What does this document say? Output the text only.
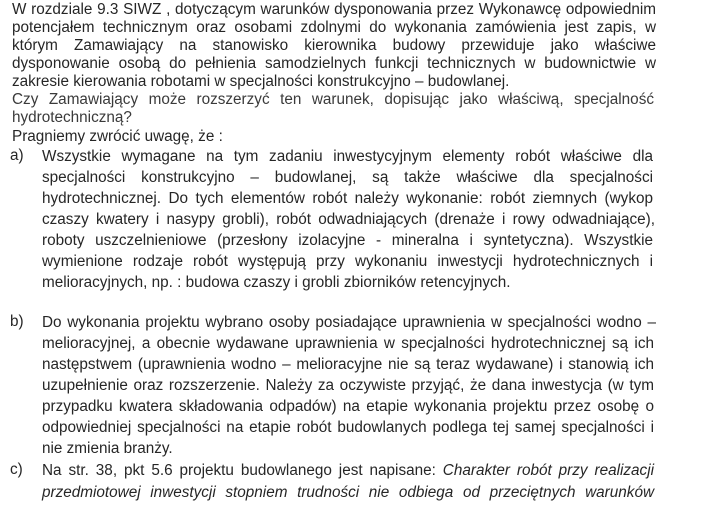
W rozdziale 9.3 SIWZ , dotyczącym warunków dysponowania przez Wykonawcę odpowiednim
potencjałem technicznym oraz osobami zdolnymi do wykonania zamówienia jest zapis, w
którym Zamawiający na stanowisko kierownika budowy przewiduje jako właściwe
dysponowanie osobą do pełnienia samodzielnych funkcji technicznych w budownictwie w
zakresie kierowania robotami w specjalności konstrukcyjno – budowlanej.
Czy Zamawiający może rozszerzyć ten warunek, dopisując jako właściwą, specjalność
hydrotechniczną?
Pragniemy zwrócić uwagę, że :
a) Wszystkie wymagane na tym zadaniu inwestycyjnym elementy robót właściwe dla
specjalności konstrukcyjno – budowlanej, są także właściwe dla specjalności
hydrotechnicznej. Do tych elementów robót należy wykonanie: robót ziemnych (wykop
czaszy kwatery i nasypy grobli), robót odwadniających (drenaże i rowy odwadniające),
roboty uszczelnieniowe (przesłony izolacyjne - mineralna i syntetyczna). Wszystkie
wymienione rodzaje robót występują przy wykonaniu inwestycji hydrotechnicznych i
melioracyjnych, np. : budowa czaszy i grobli zbiorników retencyjnych.
b) Do wykonania projektu wybrano osoby posiadające uprawnienia w specjalności wodno –
melioracyjnej, a obecnie wydawane uprawnienia w specjalności hydrotechnicznej są ich
następstwem (uprawnienia wodno – melioracyjne nie są teraz wydawane) i stanowią ich
uzupełnienie oraz rozszerzenie. Należy za oczywiste przyjąć, że dana inwestycja (w tym
przypadku kwatera składowania odpadów) na etapie wykonania projektu przez osobę o
odpowiedniej specjalności na etapie robót budowlanych podlega tej samej specjalności i
nie zmienia branży.
c) Na str. 38, pkt 5.6 projektu budowlanego jest napisane: Charakter robót przy realizacji
przedmiotowej inwestycji stopniem trudności nie odbiega od przeciętnych warunków
